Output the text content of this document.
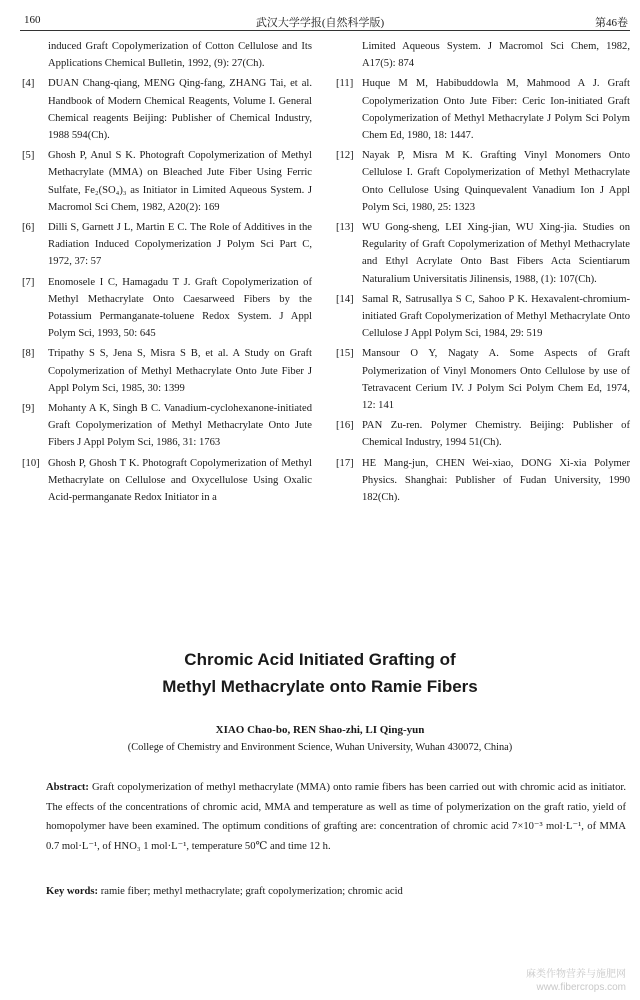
160	武汉大学学报(自然科学版)	第46卷
induced Graft Copolymerization of Cotton Cellulose and Its Applications Chemical Bulletin, 1992, (9): 27(Ch).
[4] DUAN Chang-qiang, MENG Qing-fang, ZHANG Tai, et al. Handbook of Modern Chemical Reagents, Volume I. General Chemical reagents Beijing: Publisher of Chemical Industry, 1988 594(Ch).
[5] Ghosh P, Anul S K. Photograft Copolymerization of Methyl Methacrylate (MMA) on Bleached Jute Fiber Using Ferric Sulfate, Fe₂(SO₄)₃ as Initiator in Limited Aqueous System. J Macromol Sci Chem, 1982, A20(2): 169
[6] Dilli S, Garnett J L, Martin E C. The Role of Additives in the Radiation Induced Copolymerization J Polym Sci Part C, 1972, 37: 57
[7] Enomosele I C, Hamagadu T J. Graft Copolymerization of Methyl Methacrylate Onto Caesarweed Fibers by the Potassium Permanganate-toluene Redox System. J Appl Polym Sci, 1993, 50: 645
[8] Tripathy S S, Jena S, Misra S B, et al. A Study on Graft Copolymerization of Methyl Methacrylate Onto Jute Fiber J Appl Polym Sci, 1985, 30: 1399
[9] Mohanty A K, Singh B C. Vanadium-cyclohexanone-initiated Graft Copolymerization of Methyl Methacrylate Onto Jute Fibers J Appl Polym Sci, 1986, 31: 1763
[10] Ghosh P, Ghosh T K. Photograft Copolymerization of Methyl Methacrylate on Cellulose and Oxycellulose Using Oxalic Acid-permanganate Redox Initiator in a
Limited Aqueous System. J Macromol Sci Chem, 1982, A17(5): 874
[11] Huque M M, Habibuddowla M, Mahmood A J. Graft Copolymerization Onto Jute Fiber: Ceric Ion-initiated Graft Copolymerization of Methyl Methacrylate J Polym Sci Polym Chem Ed, 1980, 18: 1447.
[12] Nayak P, Misra M K. Grafting Vinyl Monomers Onto Cellulose I. Graft Copolymerization of Methyl Methacrylate Onto Cellulose Using Quinquevalent Vanadium Ion J Appl Polym Sci, 1980, 25: 1323
[13] WU Gong-sheng, LEI Xing-jian, WU Xing-jia. Studies on Regularity of Graft Copolymerization of Methyl Methacrylate and Ethyl Acrylate Onto Bast Fibers Acta Scientiarum Naturalium Universitatis Jilinensis, 1988, (1): 107(Ch).
[14] Samal R, Satrusallya S C, Sahoo P K. Hexavalent-chromium-initiated Graft Copolymerization of Methyl Methacrylate Onto Cellulose J Appl Polym Sci, 1984, 29: 519
[15] Mansour O Y, Nagaty A. Some Aspects of Graft Polymerization of Vinyl Monomers Onto Cellulose by use of Tetravacent Cerium IV. J Polym Sci Polym Chem Ed, 1974, 12: 141
[16] PAN Zu-ren. Polymer Chemistry. Beijing: Publisher of Chemical Industry, 1994 51(Ch).
[17] HE Mang-jun, CHEN Wei-xiao, DONG Xi-xia Polymer Physics. Shanghai: Publisher of Fudan University, 1990 182(Ch).
Chromic Acid Initiated Grafting of
Methyl Methacrylate onto Ramie Fibers
XIAO Chao-bo, REN Shao-zhi, LI Qing-yun
(College of Chemistry and Environment Science, Wuhan University, Wuhan 430072, China)
Abstract: Graft copolymerization of methyl methacrylate (MMA) onto ramie fibers has been carried out with chromic acid as initiator. The effects of the concentrations of chromic acid, MMA and temperature as well as time of polymerization on the graft ratio, yield of homopolymer have been examined. The optimum conditions of grafting are: concentration of chromic acid 7×10⁻³ mol·L⁻¹, of MMA 0.7 mol·L⁻¹, of HNO₃ 1 mol·L⁻¹, temperature 50℃ and time 12 h.
Key words: ramie fiber; methyl methacrylate; graft copolymerization; chromic acid
麻类作物营养与施肥网
www.fibercrops.com
